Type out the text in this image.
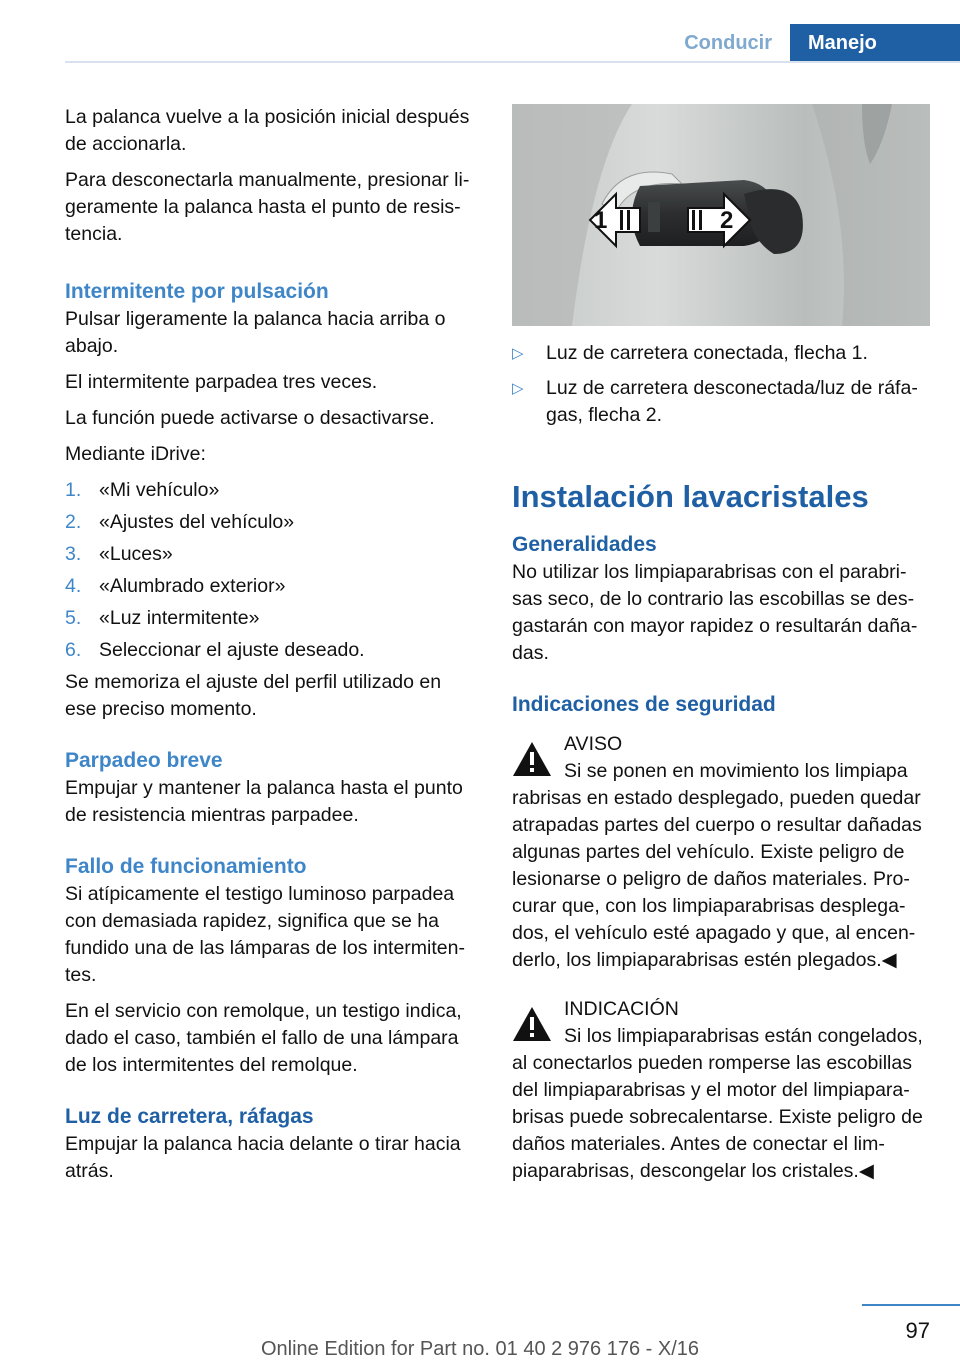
Conducir	Manejo

La palanca vuelve a la posición inicial después de accionarla.

Para desconectarla manualmente, presionar ligeramente la palanca hasta el punto de resistencia.

Intermitente por pulsación

Pulsar ligeramente la palanca hacia arriba o abajo.

El intermitente parpadea tres veces.

La función puede activarse o desactivarse.

Mediante iDrive:

1. «Mi vehículo»
2. «Ajustes del vehículo»
3. «Luces»
4. «Alumbrado exterior»
5. «Luz intermitente»
6. Seleccionar el ajuste deseado.

Se memoriza el ajuste del perfil utilizado en ese preciso momento.

Parpadeo breve

Empujar y mantener la palanca hasta el punto de resistencia mientras parpadee.

Fallo de funcionamiento

Si atípicamente el testigo luminoso parpadea con demasiada rapidez, significa que se ha fundido una de las lámparas de los intermitentes.

En el servicio con remolque, un testigo indica, dado el caso, también el fallo de una lámpara de los intermitentes del remolque.

Luz de carretera, ráfagas

Empujar la palanca hacia delante o tirar hacia atrás.

1	2
▷	Luz de carretera conectada, flecha 1.
▷	Luz de carretera desconectada/luz de ráfagas, flecha 2.
Instalación lavacristales
Generalidades

No utilizar los limpiaparabrisas con el parabrisas seco, de lo contrario las escobillas se desgastarán con mayor rapidez o resultarán dañadas.

Indicaciones de seguridad
AVISO
Si se ponen en movimiento los limpiapa
rabrisas en estado desplegado, pueden quedar atrapadas partes del cuerpo o resultar dañadas algunas partes del vehículo. Existe peligro de lesionarse o peligro de daños materiales. Procurar que, con los limpiaparabrisas desplegados, el vehículo esté apagado y que, al encenderlo, los limpiaparabrisas estén plegados.◀
INDICACIÓN
Si los limpiaparabrisas están congelados,
al conectarlos pueden romperse las escobillas del limpiaparabrisas y el motor del limpiaparabrisas puede sobrecalentarse. Existe peligro de daños materiales. Antes de conectar el limpiaparabrisas, descongelar los cristales.◀
97
Online Edition for Part no. 01 40 2 976 176 - X/16
